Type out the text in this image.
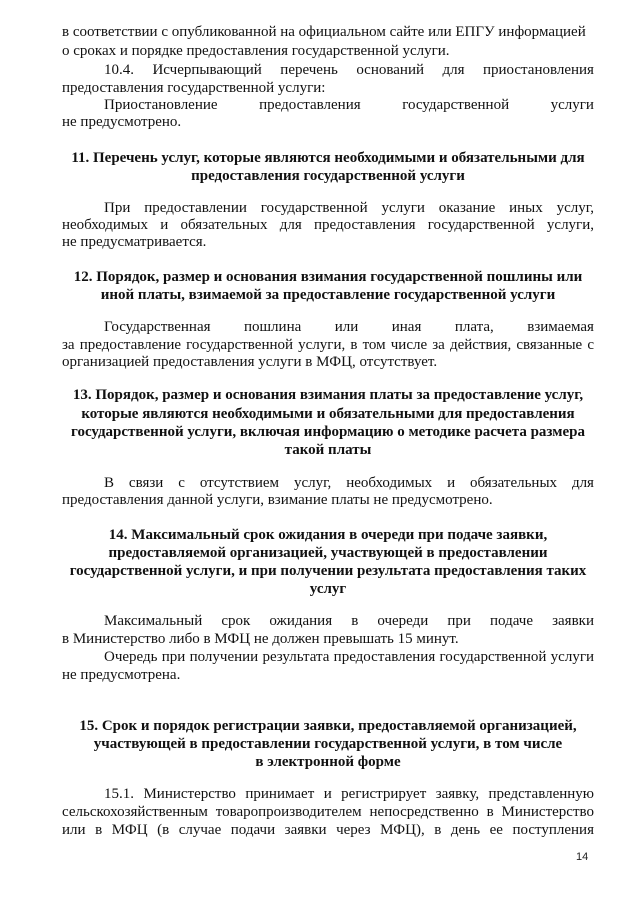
в соответствии с опубликованной на официальном сайте или ЕПГУ информацией
о сроках и порядке предоставления государственной услуги.
10.4. Исчерпывающий перечень оснований для приостановления
предоставления государственной услуги:
Приостановление	предоставления	государственной	услуги
не предусмотрено.
11. Перечень услуг, которые являются необходимыми и обязательными для
предоставления государственной услуги
При предоставлении государственной услуги оказание иных услуг,
необходимых и обязательных для предоставления государственной услуги,
не предусматривается.
12. Порядок, размер и основания взимания государственной пошлины или
иной платы, взимаемой за предоставление государственной услуги
Государственная пошлина или иная плата, взимаемая
за предоставление государственной услуги, в том числе за действия, связанные с
организацией предоставления услуги в МФЦ, отсутствует.
13. Порядок, размер и основания взимания платы за предоставление услуг,
которые являются необходимыми и обязательными для предоставления
государственной услуги, включая информацию о методике расчета размера
такой платы
В связи с отсутствием услуг, необходимых и обязательных для
предоставления данной услуги, взимание платы не предусмотрено.
14. Максимальный срок ожидания в очереди при подаче заявки,
предоставляемой организацией, участвующей в предоставлении
государственной услуги, и при получении результата предоставления таких
услуг
Максимальный срок ожидания в очереди при подаче заявки
в Министерство либо в МФЦ не должен превышать 15 минут.
Очередь при получении результата предоставления государственной услуги
не предусмотрена.
15. Срок и порядок регистрации заявки, предоставляемой организацией,
участвующей в предоставлении государственной услуги, в том числе
в электронной форме
15.1. Министерство принимает и регистрирует заявку, представленную
сельскохозяйственным товаропроизводителем непосредственно в Министерство
или в МФЦ (в случае подачи заявки через МФЦ), в день ее поступления
14
